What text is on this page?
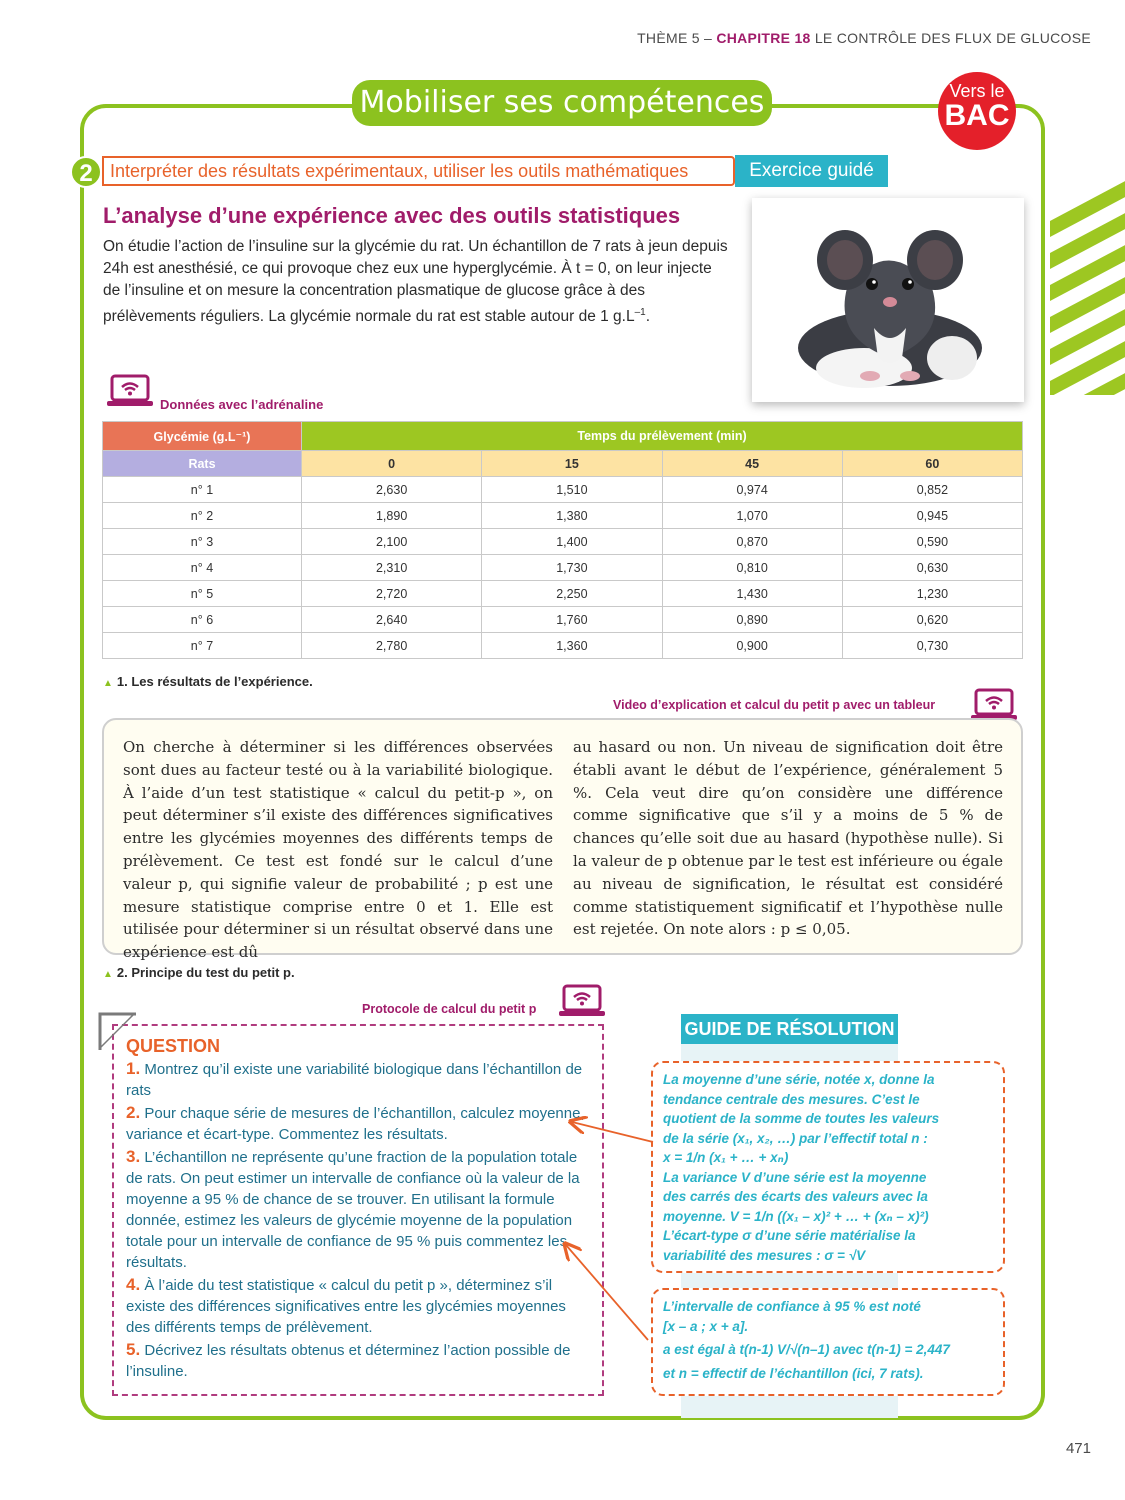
THÈME 5 – CHAPITRE 18 LE CONTRÔLE DES FLUX DE GLUCOSE
Mobiliser ses compétences	Vers le
BAC
Interpréter des résultats expérimentaux, utiliser les outils mathématiques
2	Exercice guidé
L’analyse d’une expérience avec des outils statistiques
On étudie l’action de l’insuline sur la glycémie du rat. Un échantillon de 7 rats à jeun depuis 24h est anesthésié, ce qui provoque chez eux une hyperglycémie. À t = 0, on leur injecte de l’insuline et on mesure la concentration plasmatique de glucose grâce à des prélèvements réguliers. La glycémie normale du rat est stable autour de 1 $g.L^{-1}$.
Données avec l’adrénaline
Glycémie (g.L⁻¹)	Temps du prélèvement (min)			
Rats	0	15	45	60
n° 1	2,630	1,510	0,974	0,852
n° 2	1,890	1,380	1,070	0,945
n° 3	2,100	1,400	0,870	0,590
n° 4	2,310	1,730	0,810	0,630
n° 5	2,720	2,250	1,430	1,230
n° 6	2,640	1,760	0,890	0,620
n° 7	2,780	1,360	0,900	0,730
▲ 1. Les résultats de l’expérience.
Video d’explication et calcul du petit p avec un tableur
On cherche à déterminer si les différences observées sont dues au facteur testé ou à la variabilité biologique. À l’aide d’un test statistique « calcul du petit-p », on peut déterminer s’il existe des différences significatives entre les glycémies moyennes des différents temps de prélèvement. Ce test est fondé sur le calcul d’une valeur p, qui signifie valeur de probabilité ; p est une mesure statistique comprise entre 0 et 1. Elle est utilisée pour déterminer si un résultat observé dans une expérience est dû
au hasard ou non. Un niveau de signification doit être établi avant le début de l’expérience, généralement 5 %. Cela veut dire qu’on considère une différence comme significative que s’il y a moins de 5 % de chances qu’elle soit due au hasard (hypothèse nulle). Si la valeur de p obtenue par le test est inférieure ou égale au niveau de signification, le résultat est considéré comme statistiquement significatif et l’hypothèse nulle est rejetée. On note alors : p ≤ 0,05.
▲ 2. Principe du test du petit p.
Protocole de calcul du petit p
QUESTION
1. Montrez qu’il existe une variabilité biologique dans l’échantillon de rats
2. Pour chaque série de mesures de l’échantillon, calculez moyenne, variance et écart-type. Commentez les résultats.
3. L’échantillon ne représente qu’une fraction de la population totale de rats. On peut estimer un intervalle de confiance où la valeur de la moyenne a 95 % de chance de se trouver. En utilisant la formule donnée, estimez les valeurs de glycémie moyenne de la population totale pour un intervalle de confiance de 95 % puis commentez les résultats.
4. À l’aide du test statistique « calcul du petit p », déterminez s’il existe des différences significatives entre les glycémies moyennes des différents temps de prélèvement.
5. Décrivez les résultats obtenus et déterminez l’action possible de l’insuline.
GUIDE DE RÉSOLUTION
La moyenne d’une série, notée x, donne la
tendance centrale des mesures. C’est le
quotient de la somme de toutes les valeurs
de la série (x₁, x₂, …) par l’effectif total n :
x = 1/n (x₁ + … + xₙ)
La variance V d’une série est la moyenne
des carrés des écarts des valeurs avec la
moyenne. V = 1/n ((x₁ – x)² + … + (xₙ – x)²)
L’écart-type σ d’une série matérialise la
variabilité des mesures : σ = √V
L’intervalle de confiance à 95 % est noté
[x – a ; x + a].
a est égal à t(n-1) V/√(n–1) avec t(n-1) = 2,447
et n = effectif de l’échantillon (ici, 7 rats).
471
